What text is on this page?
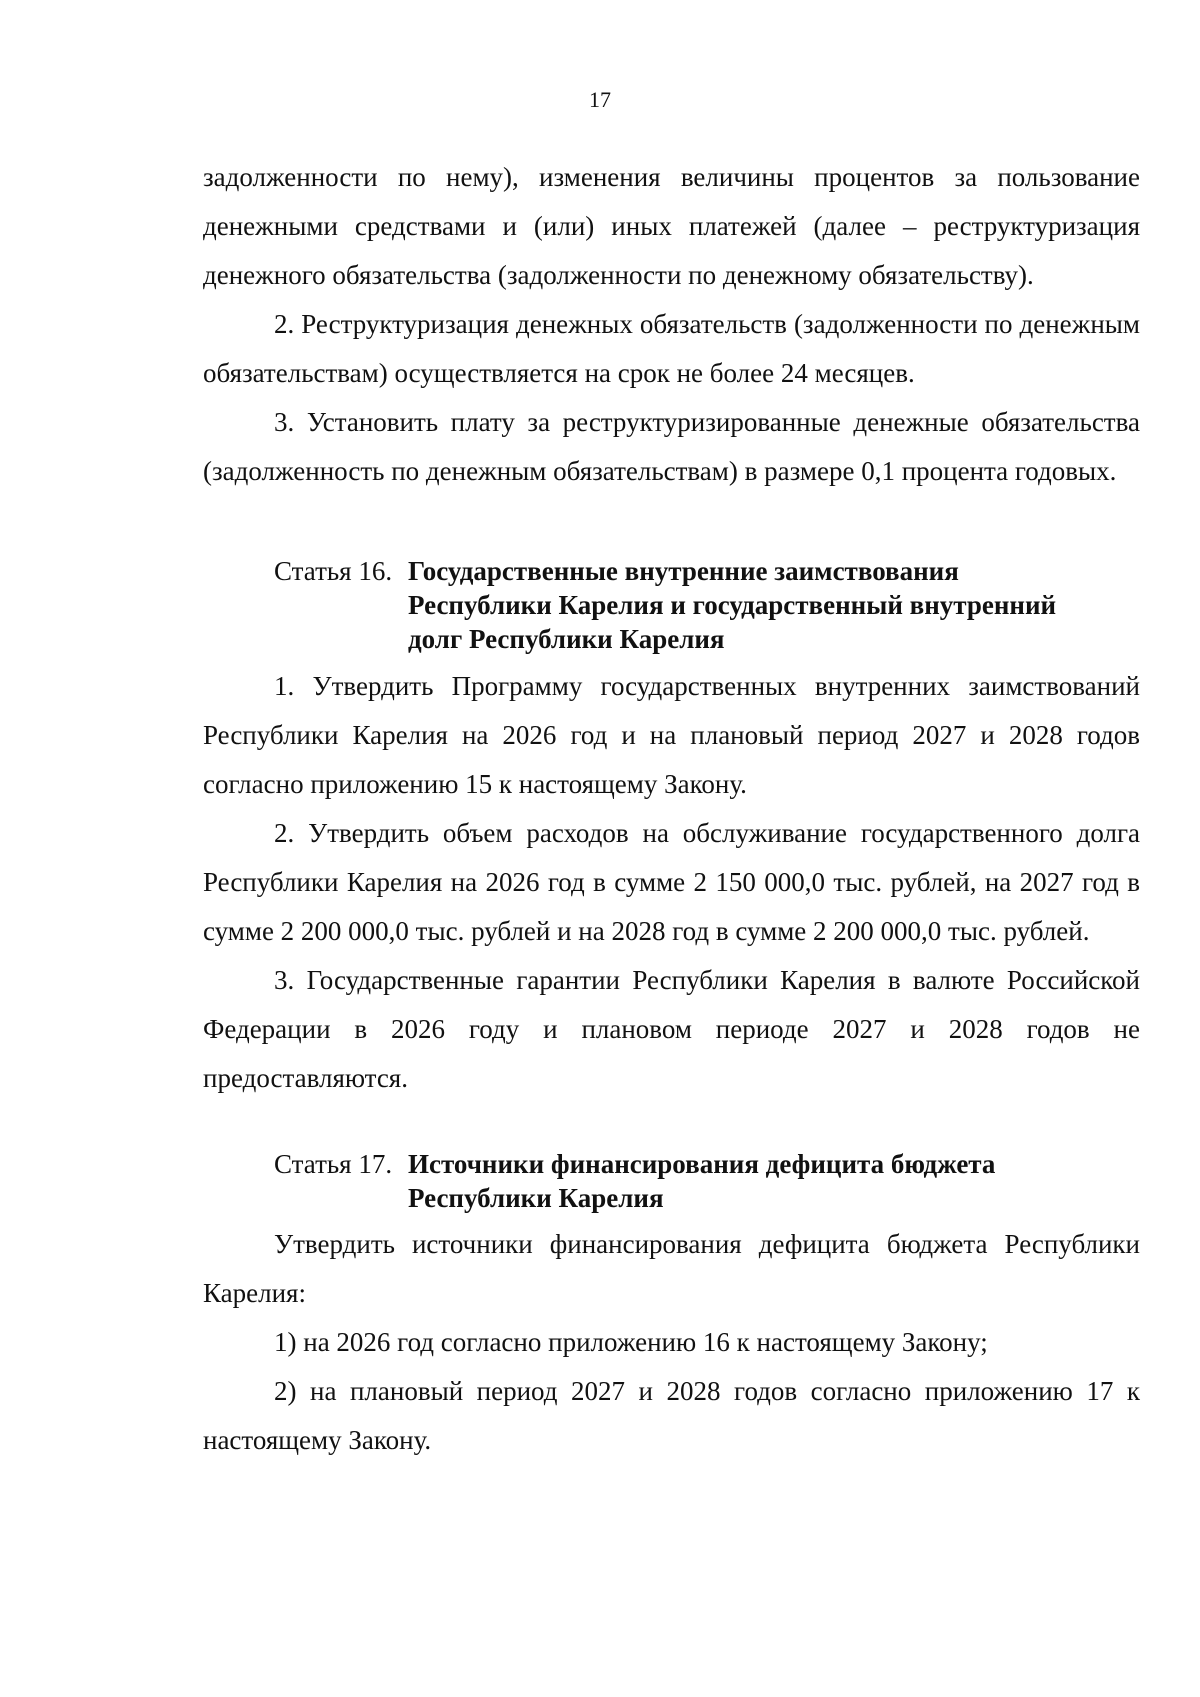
17

задолженности по нему), изменения величины процентов за пользование денежными средствами и (или) иных платежей (далее – реструктуризация денежного обязательства (задолженности по денежному обязательству).

2. Реструктуризация денежных обязательств (задолженности по денежным обязательствам) осуществляется на срок не более 24 месяцев.

3. Установить плату за реструктуризированные денежные обязательства (задолженность по денежным обязательствам) в размере 0,1 процента годовых.

Статья 16. Государственные внутренние заимствования Республики Карелия и государственный внутренний долг Республики Карелия

1. Утвердить Программу государственных внутренних заимствований Республики Карелия на 2026 год и на плановый период 2027 и 2028 годов согласно приложению 15 к настоящему Закону.

2. Утвердить объем расходов на обслуживание государственного долга Республики Карелия на 2026 год в сумме 2 150 000,0 тыс. рублей, на 2027 год в сумме 2 200 000,0 тыс. рублей и на 2028 год в сумме 2 200 000,0 тыс. рублей.

3. Государственные гарантии Республики Карелия в валюте Российской Федерации в 2026 году и плановом периоде 2027 и 2028 годов не предоставляются.

Статья 17. Источники финансирования дефицита бюджета Республики Карелия

Утвердить источники финансирования дефицита бюджета Республики Карелия:

1) на 2026 год согласно приложению 16 к настоящему Закону;

2) на плановый период 2027 и 2028 годов согласно приложению 17 к настоящему Закону.
